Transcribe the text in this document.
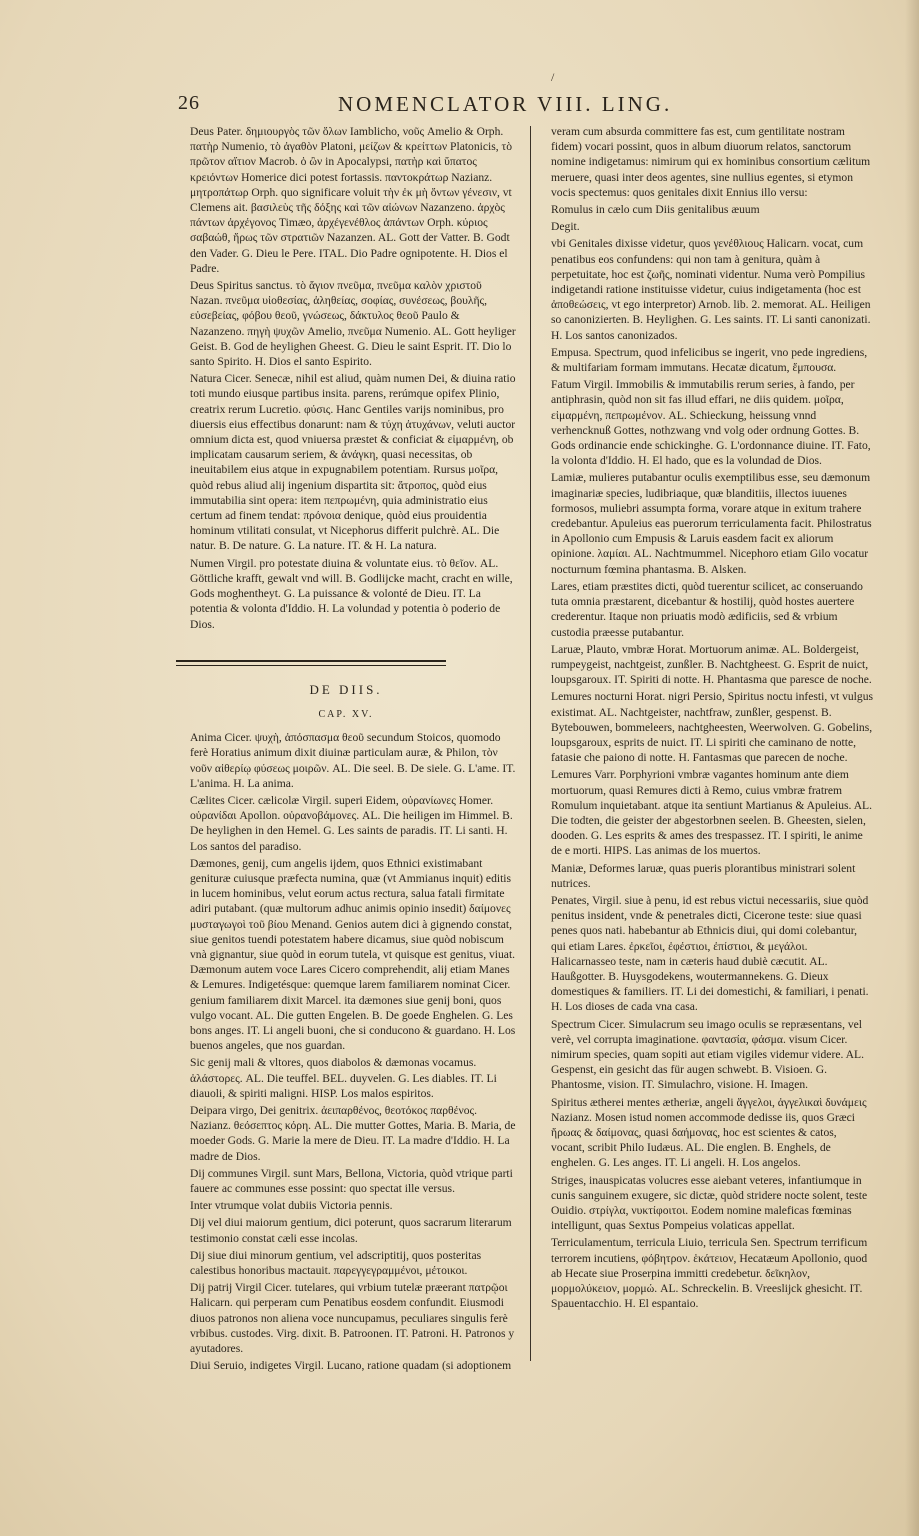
/
26	NOMENCLATOR VIII. LING.

Deus Pater. δημιουργὸς τῶν ὅλων Iamblicho, νοῦς Amelio & Orph. πατὴρ Numenio, τὸ ἀγαθὸν Platoni, μείζων & κρείττων Platonicis, τὸ πρῶτον αἴτιον Macrob. ὁ ὢν in Apocalypsi, πατὴρ καὶ ὕπατος κρειόντων Homerice dici potest fortassis. παντοκράτωρ Nazianz. μητροπάτωρ Orph. quo significare voluit τὴν ἐκ μὴ ὄντων γένεσιν, vt Clemens ait. βασιλεὺς τῆς δόξης καὶ τῶν αἰώνων Nazanzeno. ἀρχὸς πάντων ἀρχέγονος Timæo, ἀρχέγενέθλος ἁπάντων Orph. κύριος σαβαώθ, ἥρως τῶν στρατιῶν Nazanzen. AL. Gott der Vatter. B. Godt den Vader. G. Dieu le Pere. ITAL. Dio Padre ognipotente. H. Dios el Padre.

Deus Spiritus sanctus. τὸ ἅγιον πνεῦμα, πνεῦμα καλὸν χριστοῦ Nazan. πνεῦμα υἱοθεσίας, ἀληθείας, σοφίας, συνέσεως, βουλῆς, εὐσεβείας, φόβου θεοῦ, γνώσεως, δάκτυλος θεοῦ Paulo & Nazanzeno. πηγὴ ψυχῶν Amelio, πνεῦμα Numenio. AL. Gott heyliger Geist. B. God de heylighen Gheest. G. Dieu le saint Esprit. IT. Dio lo santo Spirito. H. Dios el santo Espirito.

Natura Cicer. Senecæ, nihil est aliud, quàm numen Dei, & diuina ratio toti mundo eiusque partibus insita. parens, rerúmque opifex Plinio, creatrix rerum Lucretio. φύσις. Hanc Gentiles varijs nominibus, pro diuersis eius effectibus donarunt: nam & τύχη ἀτυχάνων, veluti auctor omnium dicta est, quod vniuersa præstet & conficiat & εἱμαρμένη, ob implicatam causarum seriem, & ἀνάγκη, quasi necessitas, ob ineuitabilem eius atque in expugnabilem potentiam. Rursus μοῖρα, quòd rebus aliud alij ingenium dispartita sit: ἄτροπος, quòd eius immutabilia sint opera: item πεπρωμένη, quia administratio eius certum ad finem tendat: πρόνοια denique, quòd eius prouidentia hominum vtilitati consulat, vt Nicephorus differit pulchrè. AL. Die natur. B. De nature. G. La nature. IT. & H. La natura.

Numen Virgil. pro potestate diuina & voluntate eius. τὸ θεῖον. AL. Göttliche krafft, gewalt vnd will. B. Godlijcke macht, cracht en wille, Gods moghentheyt. G. La puissance & volonté de Dieu. IT. La potentia & volonta d'Iddio. H. La volundad y potentia ò poderio de Dios.

DE DIIS.
CAP. XV.

Anima Cicer. ψυχὴ, ἀπόσπασμα θεοῦ secundum Stoicos, quomodo ferè Horatius animum dixit diuinæ particulam auræ, & Philon, τὸν νοῦν αἰθερίῳ φύσεως μοιρῶν. AL. Die seel. B. De siele. G. L'ame. IT. L'anima. H. La anima.

Cælites Cicer. cælicolæ Virgil. superi Eidem, οὐρανίωνες Homer. οὐρανίδαι Apollon. οὐρανοβάμονες. AL. Die heiligen im Himmel. B. De heylighen in den Hemel. G. Les saints de paradis. IT. Li santi. H. Los santos del paradiso.

Dæmones, genij, cum angelis ijdem, quos Ethnici existimabant genituræ cuiusque præfecta numina, quæ (vt Ammianus inquit) editis in lucem hominibus, velut eorum actus rectura, salua fatali firmitate adiri putabant. (quæ multorum adhuc animis opinio insedit) δαίμονες μυσταγωγοὶ τοῦ βίου Menand. Genios autem dici à gignendo constat, siue genitos tuendi potestatem habere dicamus, siue quòd nobiscum vnà gignantur, siue quòd in eorum tutela, vt quisque est genitus, viuat. Dæmonum autem voce Lares Cicero comprehendit, alij etiam Manes & Lemures. Indigetésque: quemque larem familiarem nominat Cicer. genium familiarem dixit Marcel. ita dæmones siue genij boni, quos vulgo vocant. AL. Die gutten Engelen. B. De goede Enghelen. G. Les bons anges. IT. Li angeli buoni, che si conducono & guardano. H. Los buenos angeles, que nos guardan.

Sic genij mali & vltores, quos diabolos & dæmonas vocamus. ἀλάστορες. AL. Die teuffel. BEL. duyvelen. G. Les diables. IT. Li diauoli, & spiriti maligni. HISP. Los malos espiritos.

Deipara virgo, Dei genitrix. ἀειπαρθένος, θεοτόκος παρθένος. Nazianz. θεόσεπτος κόρη. AL. Die mutter Gottes, Maria. B. Maria, de moeder Gods. G. Marie la mere de Dieu. IT. La madre d'Iddio. H. La madre de Dios.

Dij communes Virgil. sunt Mars, Bellona, Victoria, quòd vtrique parti fauere ac communes esse possint: quo spectat ille versus.

Inter vtrumque volat dubiis Victoria pennis.

Dij vel diui maiorum gentium, dici poterunt, quos sacrarum literarum testimonio constat cæli esse incolas.

Dij siue diui minorum gentium, vel adscriptitij, quos posteritas calestibus honoribus mactauit. παρεγγεγραμμένοι, μέτοικοι.

Dij patrij Virgil Cicer. tutelares, qui vrbium tutelæ præerant πατρῷοι Halicarn. qui perperam cum Penatibus eosdem confundit. Eiusmodi diuos patronos non aliena voce nuncupamus, peculiares singulis ferè vrbibus. custodes. Virg. dixit. B. Patroonen. IT. Patroni. H. Patronos y ayutadores.

Diui Seruio, indigetes Virgil. Lucano, ratione quadam (si adoptionem

veram cum absurda committere fas est, cum gentilitate nostram fidem) vocari possint, quos in album diuorum relatos, sanctorum nomine indigetamus: nimirum qui ex hominibus consortium cælitum meruere, quasi inter deos agentes, sine nullius egentes, si etymon vocis spectemus: quos genitales dixit Ennius illo versu:

Romulus in cælo cum Diis genitalibus æuum

Degit.

vbi Genitales dixisse videtur, quos γενέθλιους Halicarn. vocat, cum penatibus eos confundens: qui non tam à genitura, quàm à perpetuitate, hoc est ζωῆς, nominati videntur. Numa verò Pompilius indigetandi ratione instituisse videtur, cuius indigetamenta (hoc est ἀποθεώσεις, vt ego interpretor) Arnob. lib. 2. memorat. AL. Heiligen so canonizierten. B. Heylighen. G. Les saints. IT. Li santi canonizati. H. Los santos canonizados.

Empusa. Spectrum, quod infelicibus se ingerit, vno pede ingrediens, & multifariam formam immutans. Hecatæ dicatum, ἔμπουσα.

Fatum Virgil. Immobilis & immutabilis rerum series, à fando, per antiphrasin, quòd non sit fas illud effari, ne diis quidem. μοῖρα, εἱμαρμένη, πεπρωμένον. AL. Schieckung, heissung vnnd verhencknuß Gottes, nothzwang vnd volg oder ordnung Gottes. B. Gods ordinancie ende schickinghe. G. L'ordonnance diuine. IT. Fato, la volonta d'Iddio. H. El hado, que es la volundad de Dios.

Lamiæ, mulieres putabantur oculis exemptilibus esse, seu dæmonum imaginariæ species, ludibriaque, quæ blanditiis, illectos iuuenes formosos, muliebri assumpta forma, vorare atque in exitum trahere credebantur. Apuleius eas puerorum terriculamenta facit. Philostratus in Apollonio cum Empusis & Laruis easdem facit ex aliorum opinione. λαμίαι. AL. Nachtmummel. Nicephoro etiam Gilo vocatur nocturnum fœmina phantasma. B. Alsken.

Lares, etiam præstites dicti, quòd tuerentur scilicet, ac conseruando tuta omnia præstarent, dicebantur & hostilij, quòd hostes auertere crederentur. Itaque non priuatis modò ædificiis, sed & vrbium custodia præesse putabantur.

Laruæ, Plauto, vmbræ Horat. Mortuorum animæ. AL. Boldergeist, rumpeygeist, nachtgeist, zunßler. B. Nachtgheest. G. Esprit de nuict, loupsgaroux. IT. Spiriti di notte. H. Phantasma que paresce de noche.

Lemures nocturni Horat. nigri Persio, Spiritus noctu infesti, vt vulgus existimat. AL. Nachtgeister, nachtfraw, zunßler, gespenst. B. Bytebouwen, bommeleers, nachtgheesten, Weerwolven. G. Gobelins, loupsgaroux, esprits de nuict. IT. Li spiriti che caminano de notte, fatasie che paiono di notte. H. Fantasmas que parecen de noche.

Lemures Varr. Porphyrioni vmbræ vagantes hominum ante diem mortuorum, quasi Remures dicti à Remo, cuius vmbræ fratrem Romulum inquietabant. atque ita sentiunt Martianus & Apuleius. AL. Die todten, die geister der abgestorbnen seelen. B. Gheesten, sielen, dooden. G. Les esprits & ames des trespassez. IT. I spiriti, le anime de e morti. HIPS. Las animas de los muertos.

Maniæ, Deformes laruæ, quas pueris plorantibus ministrari solent nutrices.

Penates, Virgil. siue à penu, id est rebus victui necessariis, siue quòd penitus insident, vnde & penetrales dicti, Cicerone teste: siue quasi penes quos nati. habebantur ab Ethnicis diui, qui domi colebantur, qui etiam Lares. ἐρκεῖοι, ἐφέστιοι, ἐπίστιοι, & μεγάλοι. Halicarnasseo teste, nam in cæteris haud dubiè cæcutit. AL. Haußgotter. B. Huysgodekens, woutermannekens. G. Dieux domestiques & familiers. IT. Li dei domestichi, & familiari, i penati. H. Los dioses de cada vna casa.

Spectrum Cicer. Simulacrum seu imago oculis se repræsentans, vel verè, vel corrupta imaginatione. φαντασία, φάσμα. visum Cicer. nimirum species, quam sopiti aut etiam vigiles videmur videre. AL. Gespenst, ein gesicht das für augen schwebt. B. Visioen. G. Phantosme, vision. IT. Simulachro, visione. H. Imagen.

Spiritus ætherei mentes ætheriæ, angeli ἄγγελοι, ἀγγελικαὶ δυνάμεις Nazianz. Mosen istud nomen accommode dedisse iis, quos Græci ἥρωας & δαίμονας, quasi δαήμονας, hoc est scientes & catos, vocant, scribit Philo Iudæus. AL. Die englen. B. Enghels, de enghelen. G. Les anges. IT. Li angeli. H. Los angelos.

Striges, inauspicatas volucres esse aiebant veteres, infantiumque in cunis sanguinem exugere, sic dictæ, quòd stridere nocte solent, teste Ouidio. στρίγλα, νυκτίφοιτοι. Eodem nomine maleficas fœminas intelligunt, quas Sextus Pompeius volaticas appellat.

Terriculamentum, terricula Liuio, terricula Sen. Spectrum terrificum terrorem incutiens, φόβητρον. ἑκάτειον, Hecatæum Apollonio, quod ab Hecate siue Proserpina immitti credebetur. δεῖκηλον, μορμολύκειον, μορμώ. AL. Schreckelin. B. Vreeslijck ghesicht. IT. Spauentacchio. H. El espantaio.
